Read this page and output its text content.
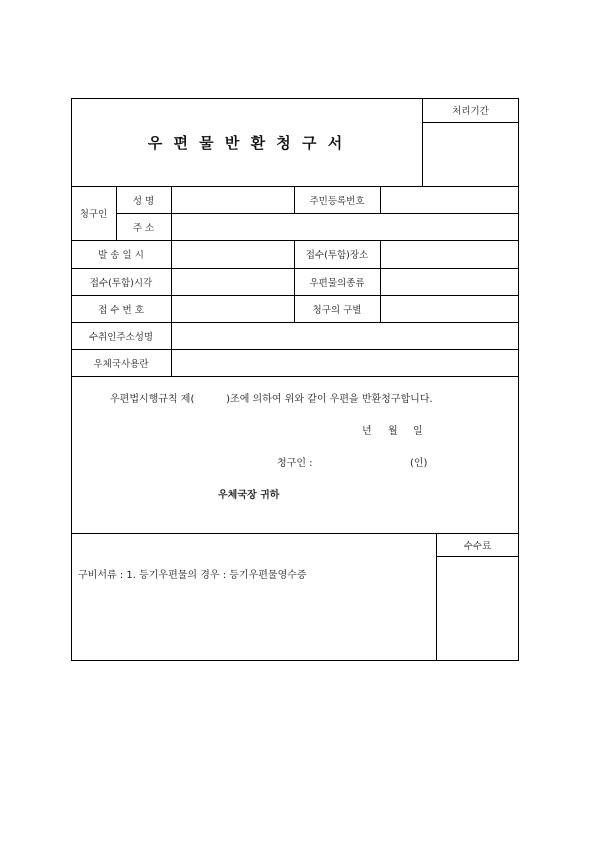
우 편 물 반 환 청 구 서
처리기간
청구인
성 명	주민등록번호
주 소
발 송 일 시	접수(투함)장소
접수(투함)시각	우편물의종류
접 수 번 호	청구의 구별
수취인주소성명
우체국사용란
우편법시행규칙 제(          )조에 의하여 위와 같이 우편을 반환청구합니다.
년 월 일
청구인 :	(인)
우체국장 귀하
수수료
구비서류 : 1. 등기우편물의 경우 : 등기우편물영수증
